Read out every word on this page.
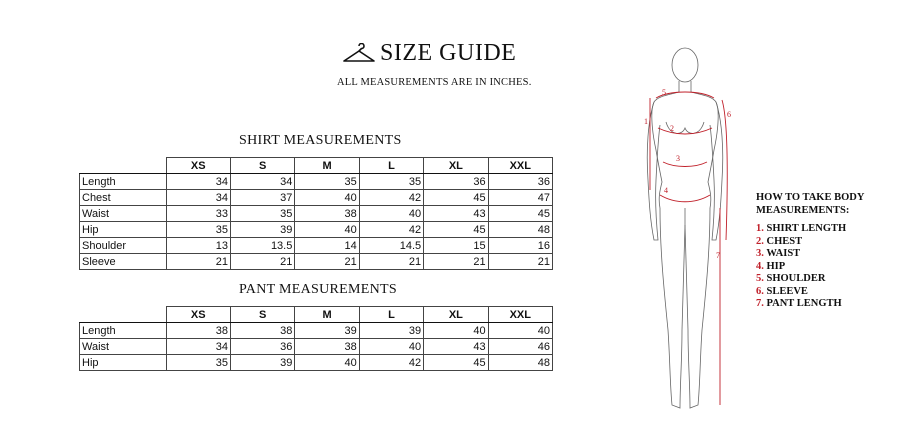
SIZE GUIDE
ALL MEASUREMENTS ARE IN INCHES.
SHIRT MEASUREMENTS
	XS	S	M	L	XL	XXL
Length	34	34	35	35	36	36
Chest	34	37	40	42	45	47
Waist	33	35	38	40	43	45
Hip	35	39	40	42	45	48
Shoulder	13	13.5	14	14.5	15	16
Sleeve	21	21	21	21	21	21
PANT MEASUREMENTS
	XS	S	M	L	XL	XXL
Length	38	38	39	39	40	40
Waist	34	36	38	40	43	46
Hip	35	39	40	42	45	48
1
2
3
4
5
6
7
HOW TO TAKE BODY
MEASUREMENTS:
1. SHIRT LENGTH
2. CHEST
3. WAIST
4. HIP
5. SHOULDER
6. SLEEVE
7. PANT LENGTH
